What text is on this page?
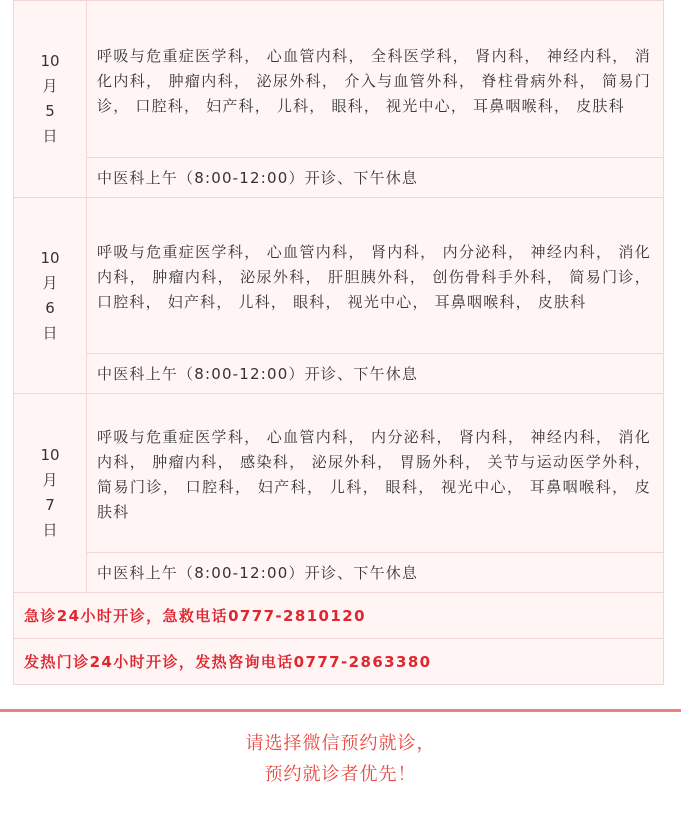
10
月
5
日	呼吸与危重症医学科， 心血管内科， 全科医学科， 肾内科， 神经内科， 消化内科， 肿瘤内科， 泌尿外科， 介入与血管外科， 脊柱骨病外科， 简易门诊， 口腔科， 妇产科， 儿科， 眼科， 视光中心， 耳鼻咽喉科， 皮肤科
	中医科上午（8:00-12:00）开诊、下午休息

10
月
6
日	呼吸与危重症医学科， 心血管内科， 肾内科， 内分泌科， 神经内科， 消化内科， 肿瘤内科， 泌尿外科， 肝胆胰外科， 创伤骨科手外科， 简易门诊， 口腔科， 妇产科， 儿科， 眼科， 视光中心， 耳鼻咽喉科， 皮肤科
	中医科上午（8:00-12:00）开诊、下午休息

10
月
7
日	呼吸与危重症医学科， 心血管内科， 内分泌科， 肾内科， 神经内科， 消化内科， 肿瘤内科， 感染科， 泌尿外科， 胃肠外科， 关节与运动医学外科， 简易门诊， 口腔科， 妇产科， 儿科， 眼科， 视光中心， 耳鼻咽喉科， 皮肤科
	中医科上午（8:00-12:00）开诊、下午休息
急诊24小时开诊，急救电话0777-2810120	
发热门诊24小时开诊，发热咨询电话0777-2863380	
请选择微信预约就诊，
预约就诊者优先！
